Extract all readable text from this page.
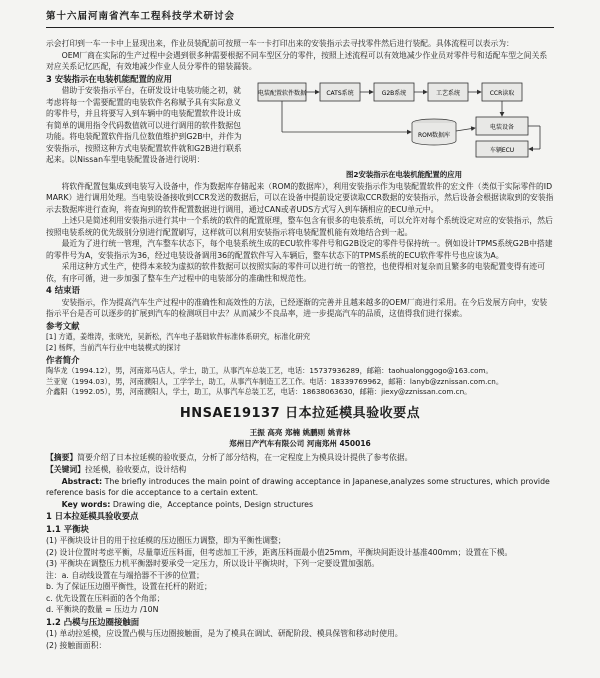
第十六届河南省汽车工程科技学术研讨会

示会打印到一车一卡中上显现出来，作业员装配前可按照一车一卡打印出来的安装指示去寻找零件然后进行装配。具体流程可以表示为：

OEM厂商在实际的生产过程中会遇到很多种需要根据不同车型区分的零件，按照上述流程可以有效地减少作业员对零件号和适配车型之间关系对应关系记忆匹配，有效地减少作业人员分零件的错装漏装。

3 安装指示在电装机能配置的应用

借助于安装指示平台，在研发设计电装功能之初，就考虑将每一个需要配置的电装软件名称赋予具有实际意义的零件号，并且将要写入到车辆中的电装配置软件设计成有简单的调用指令代码数值就可以进行调用的软件数据包功能。将电装配置软件指几位数值维护到G2B中，并作为安装指示，按照这种方式电装配置软件就和G2B进行联系起来。以Nissan车型电装配置设备进行说明：

电装配置软件数据	CATS系统	G2B系统	工艺系统	CCR读取
电装设备
车辆ECU
ROM数据库
图2安装指示在电装机能配置的应用

将软件配置包集成到电装写入设备中，作为数据库存储起来（ROM的数据库），利用安装指示作为电装配置软件的宏文件（类似于实际零件的ID MARK）进行调用处理。当电装设备接收到CCR发送的数据后，可以在设备中提前设定要读取CCR数据的安装指示，然后设备会根据读取到的安装指示去数据库进行查询，将查询到的软件配置数据进行调用，通过CAN或者UDS方式写入到车辆相应的ECU单元中。

上述只是简述利用安装指示进行其中一个系统的软件的配置原理，整车包含有很多的电装系统，可以允许对每个系统设定对应的安装指示，然后按照电装系统的优先级别分别进行配置刷写，这样就可以利用安装指示将电装配置机能有效地结合到一起。

最近为了进行统一管理，汽车整车状态下，每个电装系统生成的ECU软件零件号和G2B设定的零件号保持统一。例如设计TPMS系统G2B中搭建的零件号为A，安装指示为36，经过电装设备调用36的配置软件写入车辆后，整车状态下的TPMS系统的ECU软件零件号也应该为A。

采用这种方式生产，使得本来较为虚拟的软件数据可以按照实际的零件可以进行统一的管控，也使得相对复杂而且繁多的电装配置变得有迹可依，有序可循，进一步加强了整车生产过程中的电装部分的准确性和规范性。

4 结束语

安装指示，作为提高汽车生产过程中的准确性和高效性的方法，已经逐渐的完善并且越来越多的OEM厂商进行采用。在今后发展方向中，安装指示平台是否可以逐步的扩展到汽车的检测项目中去？从而减少不良品率，进一步提高汽车的品质，这值得我们进行探索。

参考文献

[1] 方遒，姜维涛，张晓光，吴新松，汽车电子基础软件标准体系研究，标准化研究

[2] 杨辉，当前汽车行业中电装模式的探讨

作者简介

陶华龙（1994.12），男，河南郑马店人，学士，助工，从事汽车总装工艺，电话：15737936289，邮箱：taohualonggogo@163.com。

兰亚宽（1994.03），男，河南濮阳人，工学学士，助工，从事汽车制造工艺工作。电话：18339769962，邮箱：lanyb@zznissan.com.cn。

介鑫阳（1992.05），男，河南濮阳人，学士，助工，从事汽车总装工艺，电话：18638063630，邮箱：jiexy@zznissan.com.cn。

HNSAE19137 日本拉延模具验收要点
王振 高亮 郑楠 姚鹏则 姚青林
郑州日产汽车有限公司 河南郑州 450016

【摘要】简要介绍了日本拉延模的验收要点，分析了部分结构，在一定程度上为模具设计提供了参考依据。

【关键词】拉延模，验收要点，设计结构

Abstract: The briefly introduces the main point of drawing acceptance in Japanese,analyzes some structures, which provide reference basis for die acceptance to a certain extent.

Key words: Drawing die，Acceptance points, Design structures

1 日本拉延模具验收要点

1.1 平衡块

(1) 平衡块设计目的用于拉延模的压边圈压力调整，即为平衡性调整；

(2) 设计位置时考虑平衡，尽量靠近压料面，但考虑加工干涉，距离压料面最小值25mm，平衡块间距设计基准400mm；设置在下模。

(3) 平衡块在调整压力机平衡器时要承受一定压力，所以设计平衡块时，下列一定要设置加强筋。

注：a. 自动线设置在与端拾器不干涉的位置；

b. 为了保证压边圈平衡性，设置在托杆的附近；

c. 优先设置在压料面的各个角部；

d. 平衡块的数量 = 压边力 /10N

1.2 凸模与压边圈接触面

(1) 单动拉延模，应设置凸模与压边圈接触面，是为了模具在调试、研配阶段、模具保管和移动时使用。

(2) 接触面面积：
